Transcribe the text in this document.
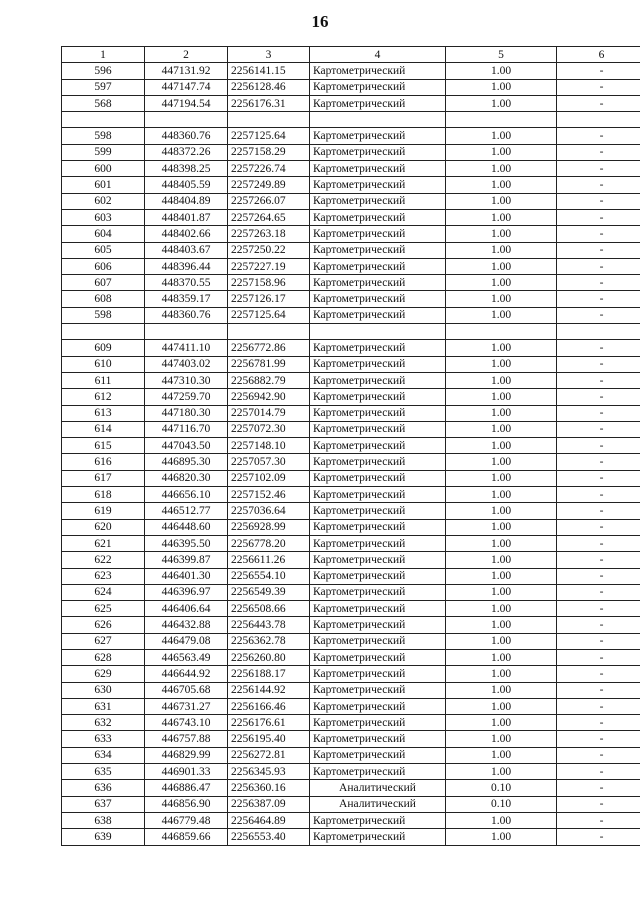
16
1	2	3	4	5	6
596	447131.92	2256141.15	Картометрический	1.00	-
597	447147.74	2256128.46	Картометрический	1.00	-
568	447194.54	2256176.31	Картометрический	1.00	-

598	448360.76	2257125.64	Картометрический	1.00	-
599	448372.26	2257158.29	Картометрический	1.00	-
600	448398.25	2257226.74	Картометрический	1.00	-
601	448405.59	2257249.89	Картометрический	1.00	-
602	448404.89	2257266.07	Картометрический	1.00	-
603	448401.87	2257264.65	Картометрический	1.00	-
604	448402.66	2257263.18	Картометрический	1.00	-
605	448403.67	2257250.22	Картометрический	1.00	-
606	448396.44	2257227.19	Картометрический	1.00	-
607	448370.55	2257158.96	Картометрический	1.00	-
608	448359.17	2257126.17	Картометрический	1.00	-
598	448360.76	2257125.64	Картометрический	1.00	-

609	447411.10	2256772.86	Картометрический	1.00	-
610	447403.02	2256781.99	Картометрический	1.00	-
611	447310.30	2256882.79	Картометрический	1.00	-
612	447259.70	2256942.90	Картометрический	1.00	-
613	447180.30	2257014.79	Картометрический	1.00	-
614	447116.70	2257072.30	Картометрический	1.00	-
615	447043.50	2257148.10	Картометрический	1.00	-
616	446895.30	2257057.30	Картометрический	1.00	-
617	446820.30	2257102.09	Картометрический	1.00	-
618	446656.10	2257152.46	Картометрический	1.00	-
619	446512.77	2257036.64	Картометрический	1.00	-
620	446448.60	2256928.99	Картометрический	1.00	-
621	446395.50	2256778.20	Картометрический	1.00	-
622	446399.87	2256611.26	Картометрический	1.00	-
623	446401.30	2256554.10	Картометрический	1.00	-
624	446396.97	2256549.39	Картометрический	1.00	-
625	446406.64	2256508.66	Картометрический	1.00	-
626	446432.88	2256443.78	Картометрический	1.00	-
627	446479.08	2256362.78	Картометрический	1.00	-
628	446563.49	2256260.80	Картометрический	1.00	-
629	446644.92	2256188.17	Картометрический	1.00	-
630	446705.68	2256144.92	Картометрический	1.00	-
631	446731.27	2256166.46	Картометрический	1.00	-
632	446743.10	2256176.61	Картометрический	1.00	-
633	446757.88	2256195.40	Картометрический	1.00	-
634	446829.99	2256272.81	Картометрический	1.00	-
635	446901.33	2256345.93	Картометрический	1.00	-
636	446886.47	2256360.16	Аналитический	0.10	-
637	446856.90	2256387.09	Аналитический	0.10	-
638	446779.48	2256464.89	Картометрический	1.00	-
639	446859.66	2256553.40	Картометрический	1.00	-
